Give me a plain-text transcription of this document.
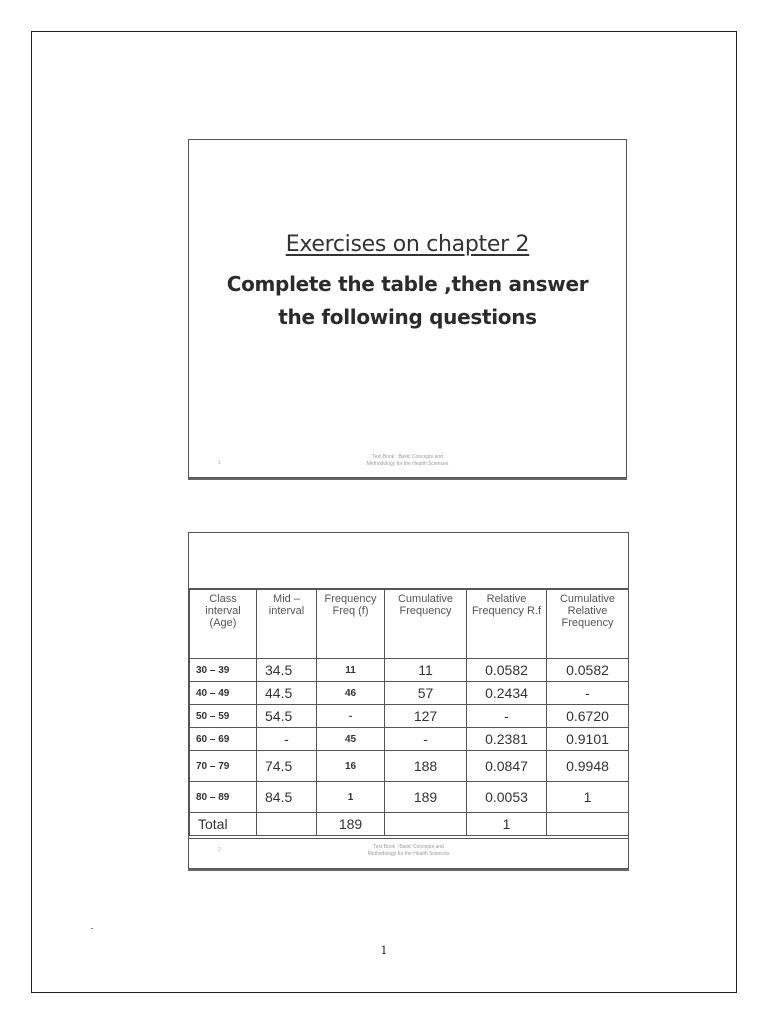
Exercises on chapter 2
Complete the table ,then answer
the following questions
Text Book : Basic Concepts and
Methodology for the Health Sciences
1
Class interval (Age)	Mid – interval	Frequency Freq (f)	Cumulative Frequency	Relative Frequency R.f	Cumulative Relative Frequency
30 – 39	34.5	11	11	0.0582	0.0582
40 – 49	44.5	46	57	0.2434	-
50 – 59	54.5	-	127	-	0.6720
60 – 69	-	45	-	0.2381	0.9101
70 – 79	74.5	16	188	0.0847	0.9948
80 – 89	84.5	1	189	0.0053	1
Total		189		1	
Text Book : Basic Concepts and
Methodology for the Health Sciences
2
1
